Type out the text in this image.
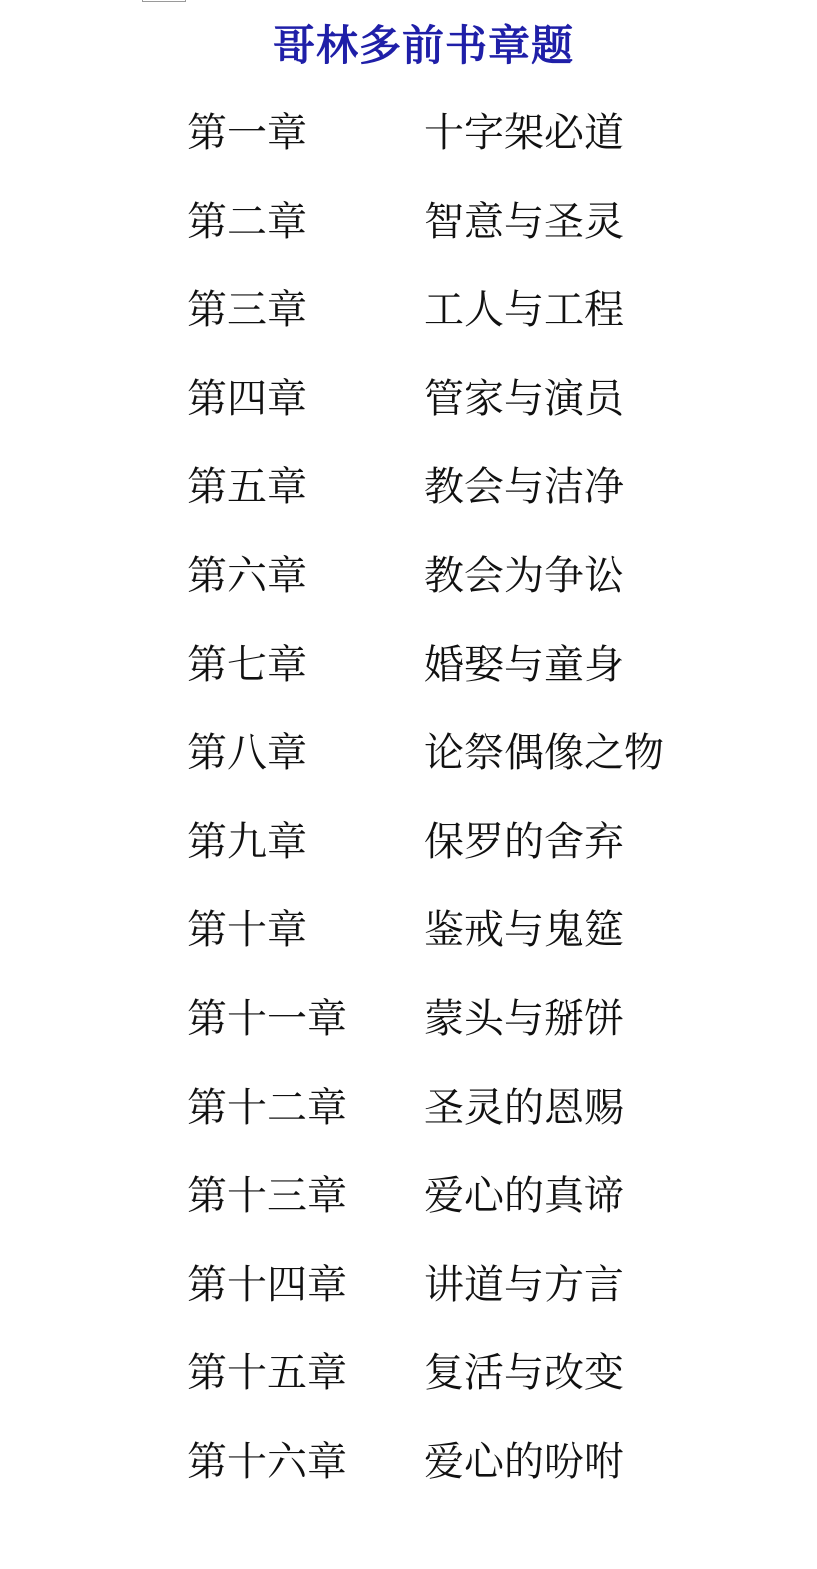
哥林多前书章题
第一章	十字架必道
第二章	智意与圣灵
第三章	工人与工程
第四章	管家与演员
第五章	教会与洁净
第六章	教会为争讼
第七章	婚娶与童身
第八章	论祭偶像之物
第九章	保罗的舍弃
第十章	鉴戒与鬼筵
第十一章 蒙头与掰饼
第十二章 圣灵的恩赐
第十三章 爱心的真谛
第十四章 讲道与方言
第十五章 复活与改变
第十六章 爱心的吩咐
